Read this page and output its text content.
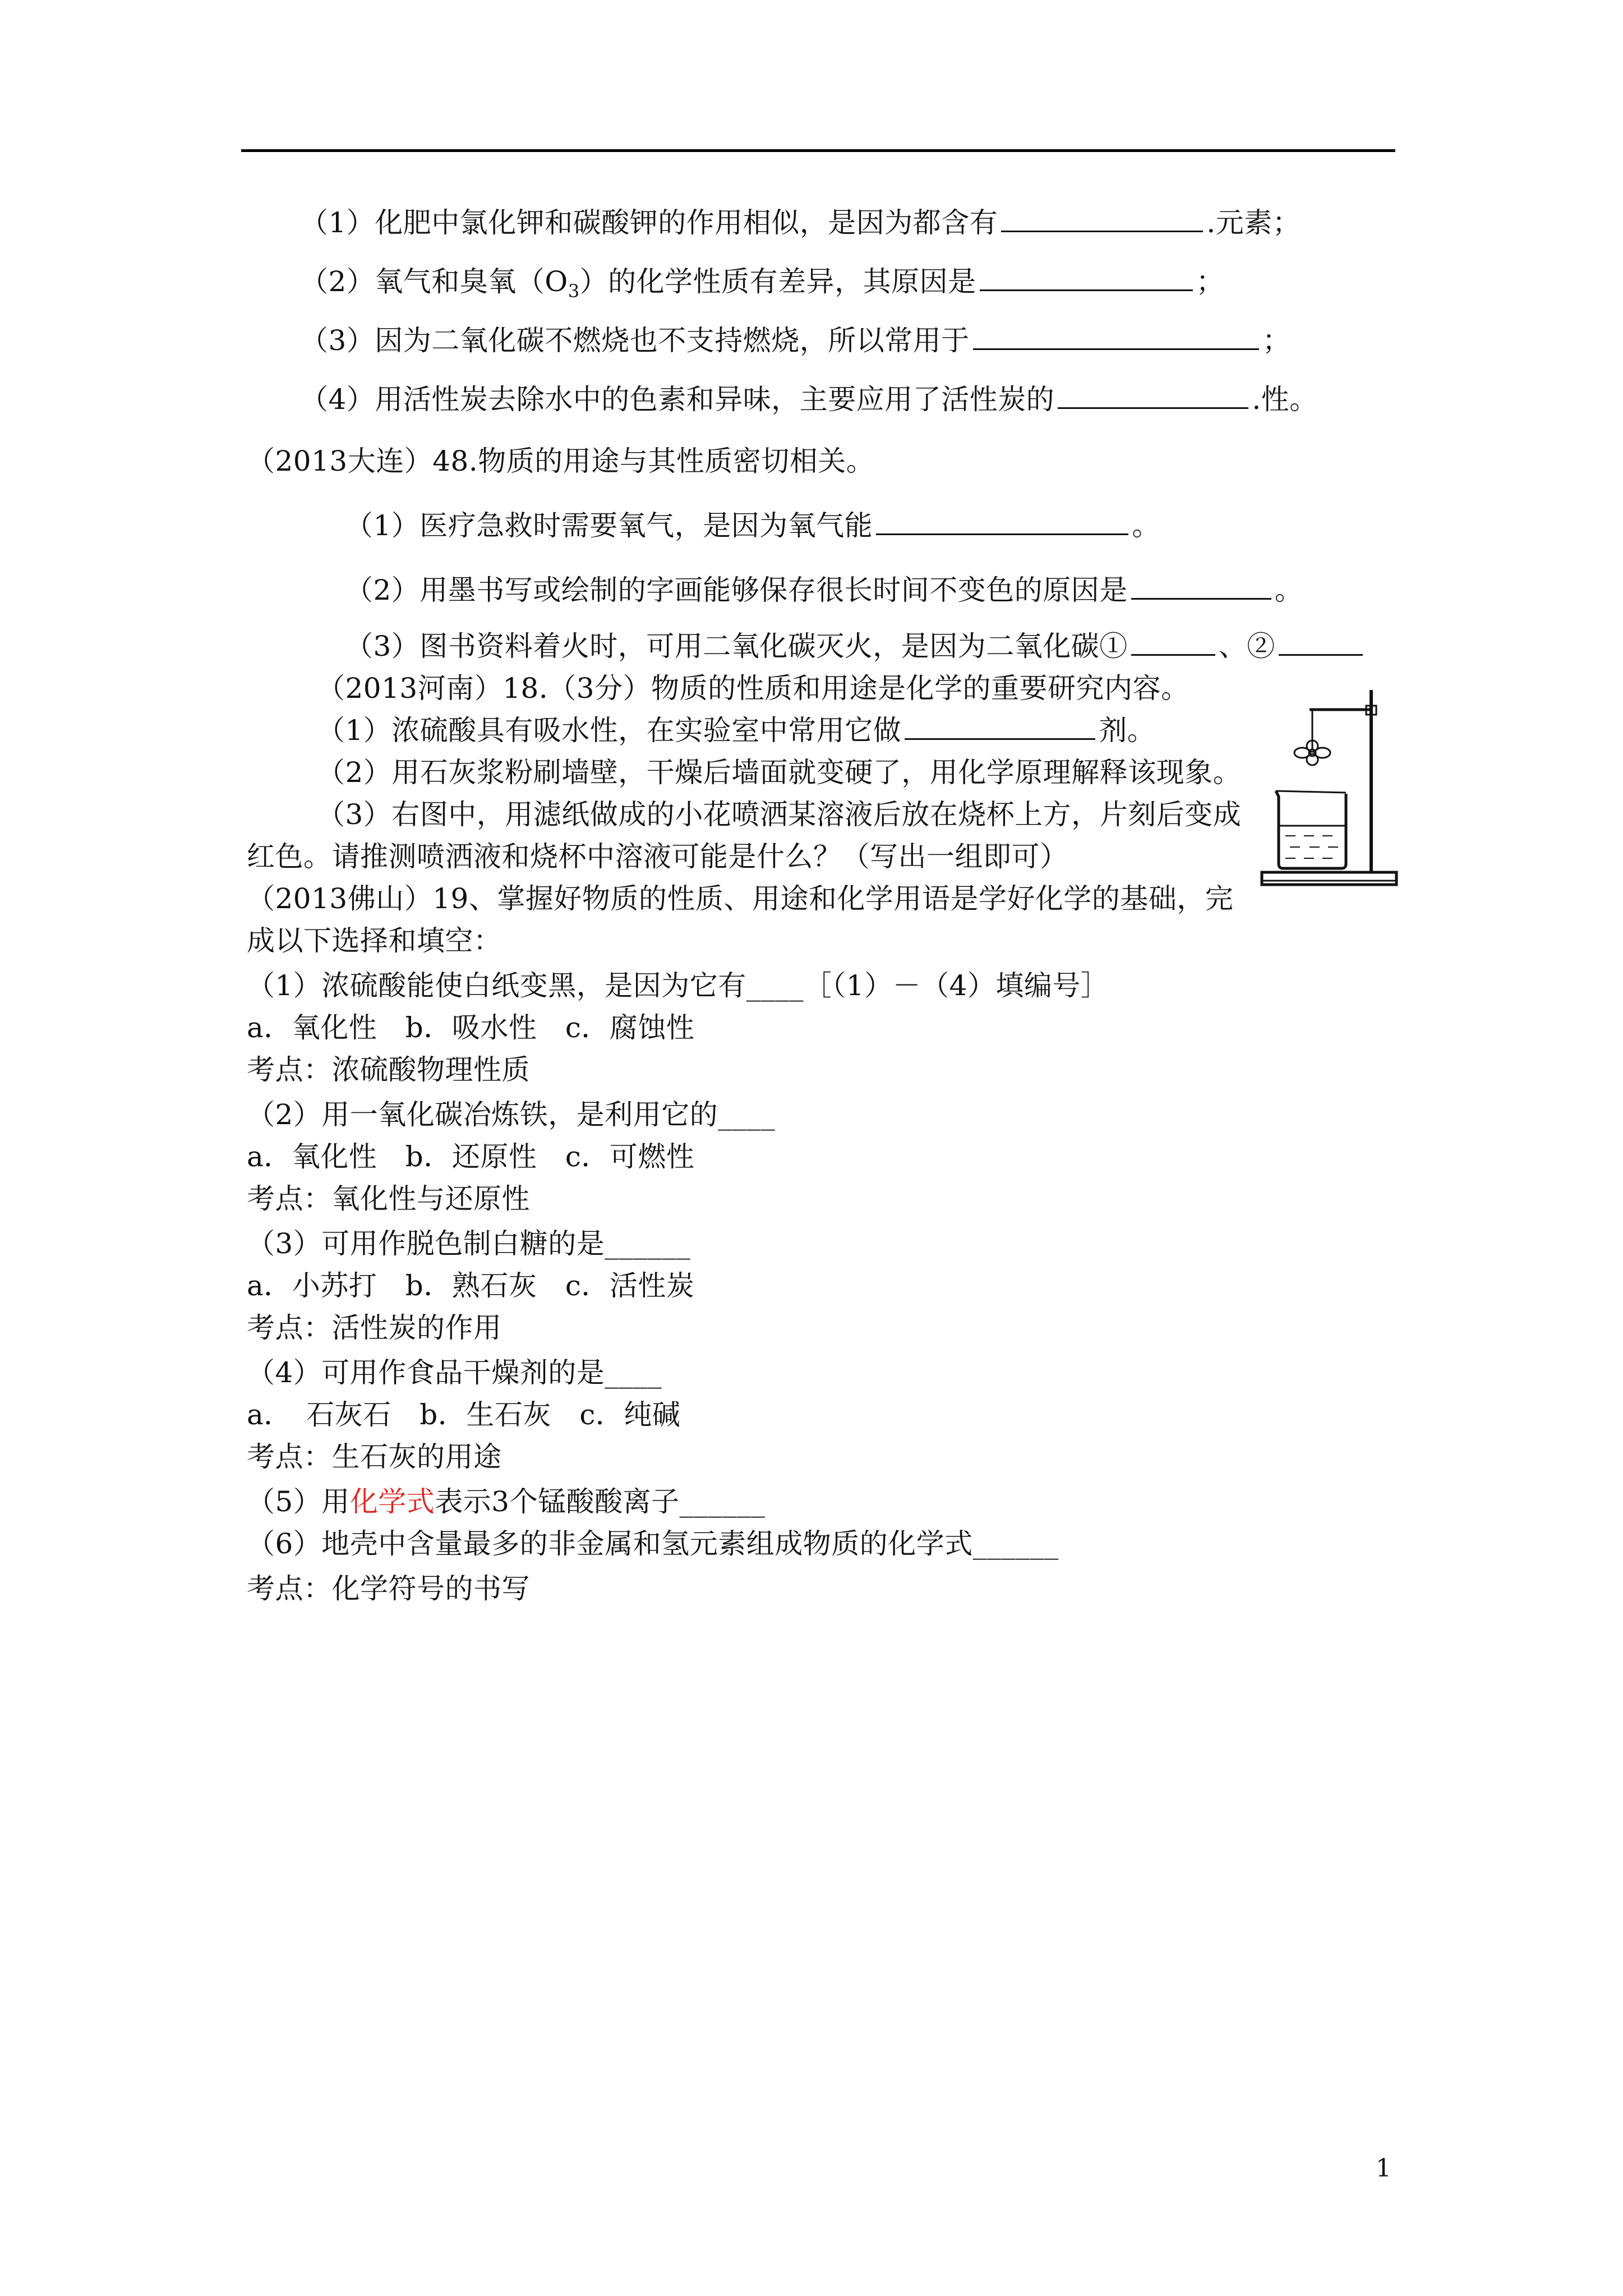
（1）化肥中氯化钾和碳酸钾的作用相似，是因为都含有	.元素；
（2）氧气和臭氧$(O_3)$的化学性质有差异，其原因是	；
（3）因为二氧化碳不燃烧也不支持燃烧，所以常用于	；
（4）用活性炭去除水中的色素和异味，主要应用了活性炭的	.性。
（2013大连）48.物质的用途与其性质密切相关。
（1）医疗急救时需要氧气，是因为氧气能	。
（2）用墨书写或绘制的字画能够保存很长时间不变色的原因是	。
（3）图书资料着火时，可用二氧化碳灭火，是因为二氧化碳①	、②
（2013河南）18.（3分）物质的性质和用途是化学的重要研究内容。
（1）浓硫酸具有吸水性，在实验室中常用它做	剂。
（2）用石灰浆粉刷墙壁，干燥后墙面就变硬了，用化学原理解释该现象。
（3）右图中，用滤纸做成的小花喷洒某溶液后放在烧杯上方，片刻后变成
红色。请推测喷洒液和烧杯中溶液可能是什么？（写出一组即可）
（2013佛山）19、掌握好物质的性质、用途和化学用语是学好化学的基础，完
成以下选择和填空：
（1）浓硫酸能使白纸变黑，是因为它有____［（1）－（4）填编号］
a．氧化性　b．吸水性　c．腐蚀性
考点：浓硫酸物理性质
（2）用一氧化碳冶炼铁，是利用它的____
a．氧化性　b．还原性　c．可燃性
考点：氧化性与还原性
（3）可用作脱色制白糖的是______
a．小苏打　b．熟石灰　c．活性炭
考点：活性炭的作用
（4）可用作食品干燥剂的是____
a．　石灰石　b．生石灰　c．纯碱
考点：生石灰的用途
（5）用化学式表示3个锰酸酸离子______
（6）地壳中含量最多的非金属和氢元素组成物质的化学式______
考点：化学符号的书写
1
